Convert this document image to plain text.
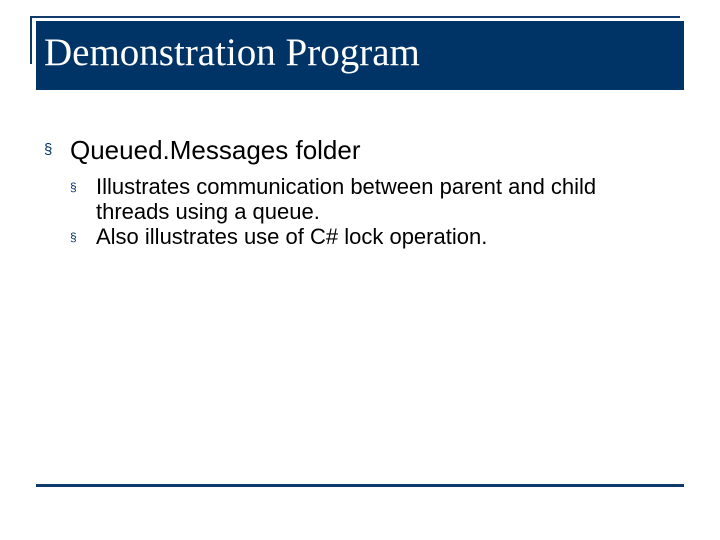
Demonstration Program
§ Queued.Messages folder
§ Illustrates communication between parent and child threads using a queue.
§ Also illustrates use of C# lock operation.
